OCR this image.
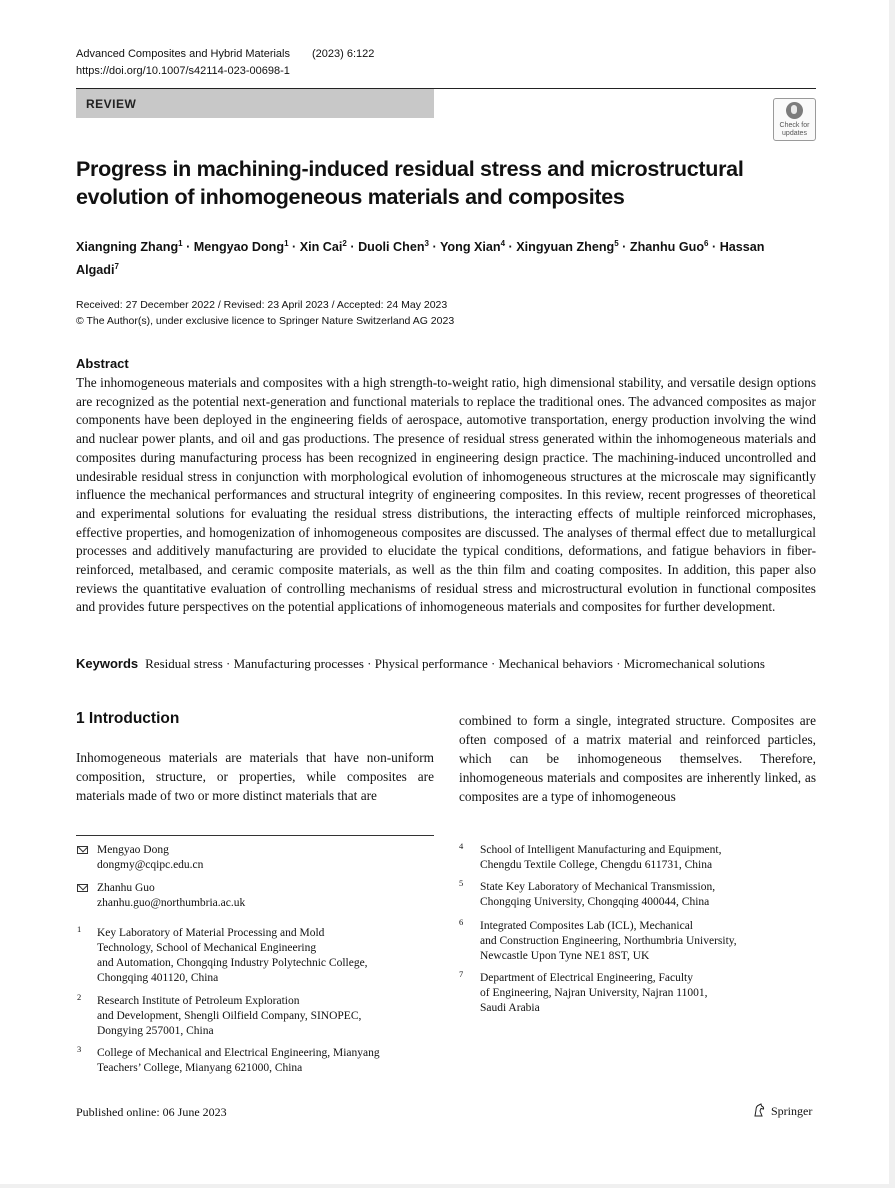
Advanced Composites and Hybrid Materials (2023) 6:122
https://doi.org/10.1007/s42114-023-00698-1
REVIEW
Check for
updates
Progress in machining-induced residual stress and microstructural evolution of inhomogeneous materials and composites
Xiangning Zhang$^1$ · Mengyao Dong$^1$ · Xin Cai$^2$ · Duoli Chen$^3$ · Yong Xian$^4$ · Xingyuan Zheng$^5$ · Zhanhu Guo$^6$ · Hassan Algadi$^7$
Received: 27 December 2022 / Revised: 23 April 2023 / Accepted: 24 May 2023
© The Author(s), under exclusive licence to Springer Nature Switzerland AG 2023
Abstract
The inhomogeneous materials and composites with a high strength-to-weight ratio, high dimensional stability, and versatile design options are recognized as the potential next-generation and functional materials to replace the traditional ones. The advanced composites as major components have been deployed in the engineering fields of aerospace, automotive transportation, energy production involving the wind and nuclear power plants, and oil and gas productions. The presence of residual stress generated within the inhomogeneous materials and composites during manufacturing process has been recognized in engineering design practice. The machining-induced uncontrolled and undesirable residual stress in conjunction with morphological evolution of inhomogeneous structures at the microscale may significantly influence the mechanical performances and structural integrity of engineering composites. In this review, recent progresses of theoretical and experimental solutions for evaluating the residual stress distributions, the interacting effects of multiple reinforced microphases, effective properties, and homogenization of inhomogeneous composites are discussed. The analyses of thermal effect due to metallurgical processes and additively manufacturing are provided to elucidate the typical conditions, deformations, and fatigue behaviors in fiber-reinforced, metalbased, and ceramic composite materials, as well as the thin film and coating composites. In addition, this paper also reviews the quantitative evaluation of controlling mechanisms of residual stress and microstructural evolution in functional composites and provides future perspectives on the potential applications of inhomogeneous materials and composites for further development.
Keywords Residual stress · Manufacturing processes · Physical performance · Mechanical behaviors · Micromechanical solutions
1 Introduction
Inhomogeneous materials are materials that have non-uniform composition, structure, or properties, while composites are materials made of two or more distinct materials that are
combined to form a single, integrated structure. Composites are often composed of a matrix material and reinforced particles, which can be inhomogeneous themselves. Therefore, inhomogeneous materials and composites are inherently linked, as composites are a type of inhomogeneous
Mengyao Dong
dongmy@cqipc.edu.cn
Zhanhu Guo
zhanhu.guo@northumbria.ac.uk
1 Key Laboratory of Material Processing and Mold
Technology, School of Mechanical Engineering
and Automation, Chongqing Industry Polytechnic College,
Chongqing 401120, China
2 Research Institute of Petroleum Exploration
and Development, Shengli Oilfield Company, SINOPEC,
Dongying 257001, China
3 College of Mechanical and Electrical Engineering, Mianyang
Teachers’ College, Mianyang 621000, China
4 School of Intelligent Manufacturing and Equipment,
Chengdu Textile College, Chengdu 611731, China
5 State Key Laboratory of Mechanical Transmission,
Chongqing University, Chongqing 400044, China
6 Integrated Composites Lab (ICL), Mechanical
and Construction Engineering, Northumbria University,
Newcastle Upon Tyne NE1 8ST, UK
7 Department of Electrical Engineering, Faculty
of Engineering, Najran University, Najran 11001,
Saudi Arabia
Published online: 06 June 2023	Springer
